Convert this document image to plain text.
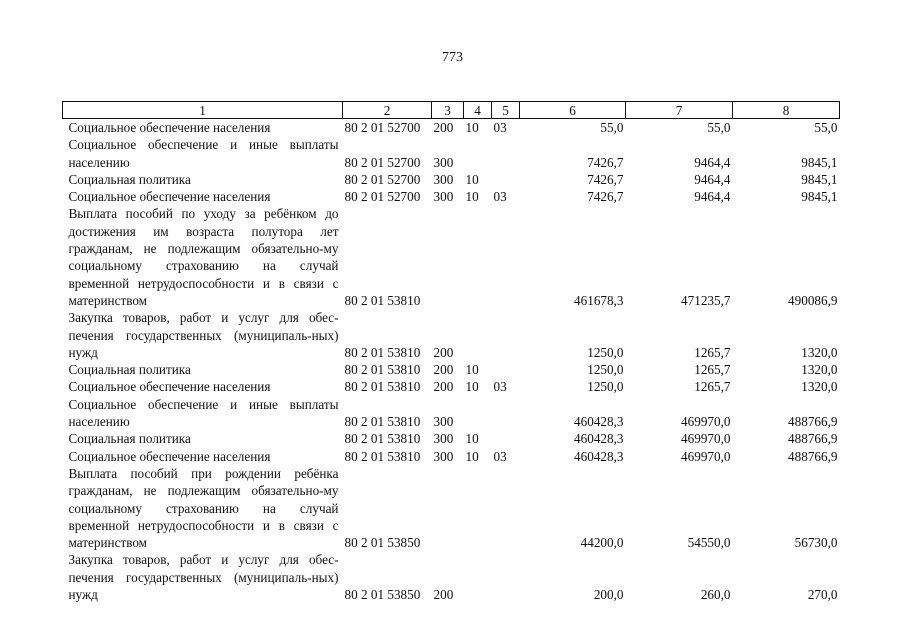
773
1	2	3	4	5	6	7	8

Социальное обеспечение населения	80 2 01 52700	200	10	03	55,0	55,0	55,0

Социальное обеспечение и иные выплаты населению	80 2 01 52700	300			7426,7	9464,4	9845,1

Социальная политика	80 2 01 52700	300	10		7426,7	9464,4	9845,1

Социальное обеспечение населения	80 2 01 52700	300	10	03	7426,7	9464,4	9845,1

Выплата пособий по уходу за ребёнком до достижения им возраста полутора лет гражданам, не подлежащим обязательно-му социальному страхованию на случай временной нетрудоспособности и в связи с материнством	80 2 01 53810				461678,3	471235,7	490086,9

Закупка товаров, работ и услуг для обес-печения государственных (муниципаль-ных) нужд	80 2 01 53810	200			1250,0	1265,7	1320,0

Социальная политика	80 2 01 53810	200	10		1250,0	1265,7	1320,0

Социальное обеспечение населения	80 2 01 53810	200	10	03	1250,0	1265,7	1320,0

Социальное обеспечение и иные выплаты населению	80 2 01 53810	300			460428,3	469970,0	488766,9

Социальная политика	80 2 01 53810	300	10		460428,3	469970,0	488766,9

Социальное обеспечение населения	80 2 01 53810	300	10	03	460428,3	469970,0	488766,9

Выплата пособий при рождении ребёнка гражданам, не подлежащим обязательно-му социальному страхованию на случай временной нетрудоспособности и в связи с материнством	80 2 01 53850				44200,0	54550,0	56730,0

Закупка товаров, работ и услуг для обес-печения государственных (муниципаль-ных) нужд	80 2 01 53850	200			200,0	260,0	270,0
